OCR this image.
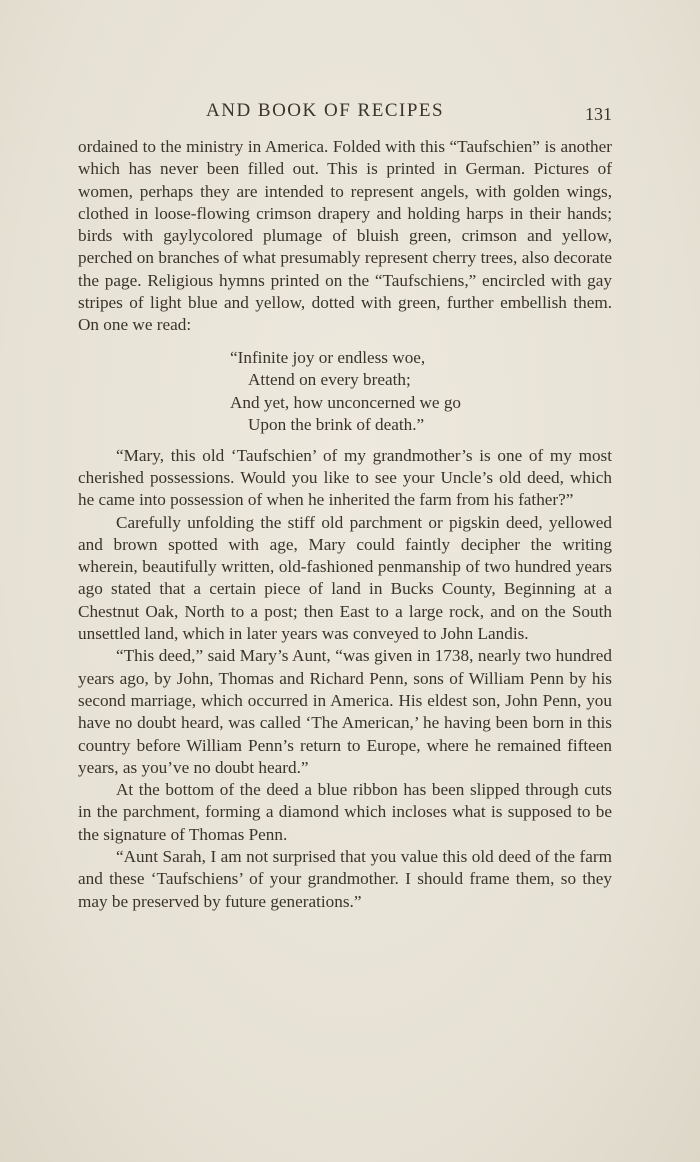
AND BOOK OF RECIPES	131

ordained to the ministry in America. Folded with this “Taufschien” is another which has never been filled out. This is printed in German. Pictures of women, perhaps they are intended to represent angels, with golden wings, clothed in loose-flowing crimson drapery and holding harps in their hands; birds with gaylycolored plumage of bluish green, crimson and yellow, perched on branches of what presumably represent cherry trees, also decorate the page. Religious hymns printed on the “Taufschiens,” encircled with gay stripes of light blue and yellow, dotted with green, further embellish them. On one we read:

“Infinite joy or endless woe,
Attend on every breath;
And yet, how unconcerned we go
Upon the brink of death.”

“Mary, this old ‘Taufschien’ of my grandmother’s is one of my most cherished possessions. Would you like to see your Uncle’s old deed, which he came into possession of when he inherited the farm from his father?”

Carefully unfolding the stiff old parchment or pigskin deed, yellowed and brown spotted with age, Mary could faintly decipher the writing wherein, beautifully written, old-fashioned penmanship of two hundred years ago stated that a certain piece of land in Bucks County, Beginning at a Chestnut Oak, North to a post; then East to a large rock, and on the South unsettled land, which in later years was conveyed to John Landis.

“This deed,” said Mary’s Aunt, “was given in 1738, nearly two hundred years ago, by John, Thomas and Richard Penn, sons of William Penn by his second marriage, which occurred in America. His eldest son, John Penn, you have no doubt heard, was called ‘The American,’ he having been born in this country before William Penn’s return to Europe, where he remained fifteen years, as you’ve no doubt heard.”

At the bottom of the deed a blue ribbon has been slipped through cuts in the parchment, forming a diamond which incloses what is supposed to be the signature of Thomas Penn.

“Aunt Sarah, I am not surprised that you value this old deed of the farm and these ‘Taufschiens’ of your grandmother. I should frame them, so they may be preserved by future generations.”
